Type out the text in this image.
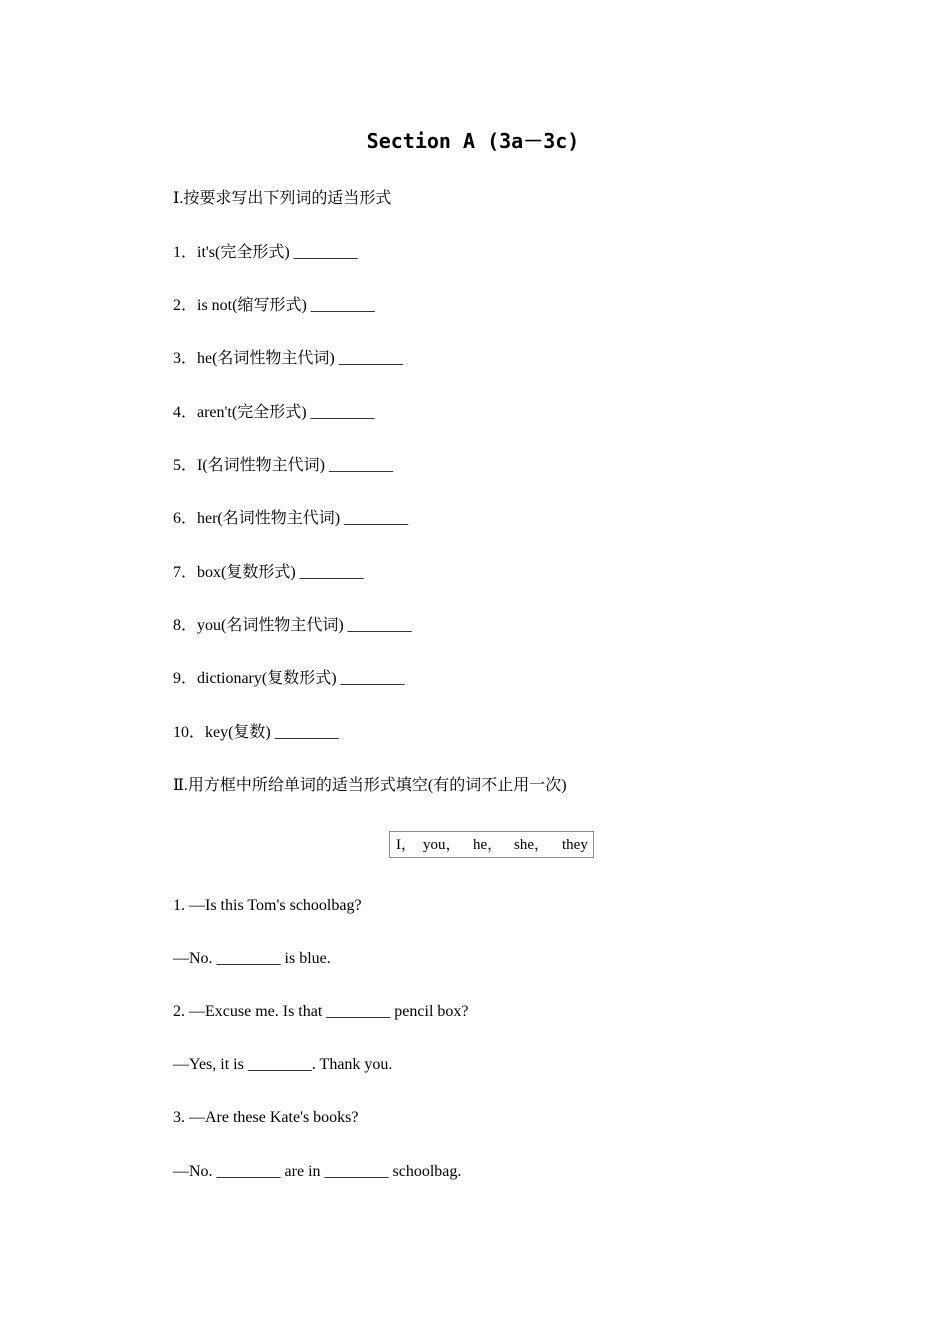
Section A (3a－3c)
Ⅰ.按要求写出下列词的适当形式
1．it's(完全形式) ________
2．is not(缩写形式) ________
3．he(名词性物主代词) ________
4．aren't(完全形式) ________
5．I(名词性物主代词) ________
6．her(名词性物主代词) ________
7．box(复数形式) ________
8．you(名词性物主代词) ________
9．dictionary(复数形式) ________
10．key(复数) ________
Ⅱ.用方框中所给单词的适当形式填空(有的词不止用一次)
I， you， he， she， they
1. —Is this Tom's schoolbag?
—No. ________ is blue.
2. —Excuse me. Is that ________ pencil box?
—Yes, it is ________. Thank you.
3. —Are these Kate's books?
—No. ________ are in ________ schoolbag.
